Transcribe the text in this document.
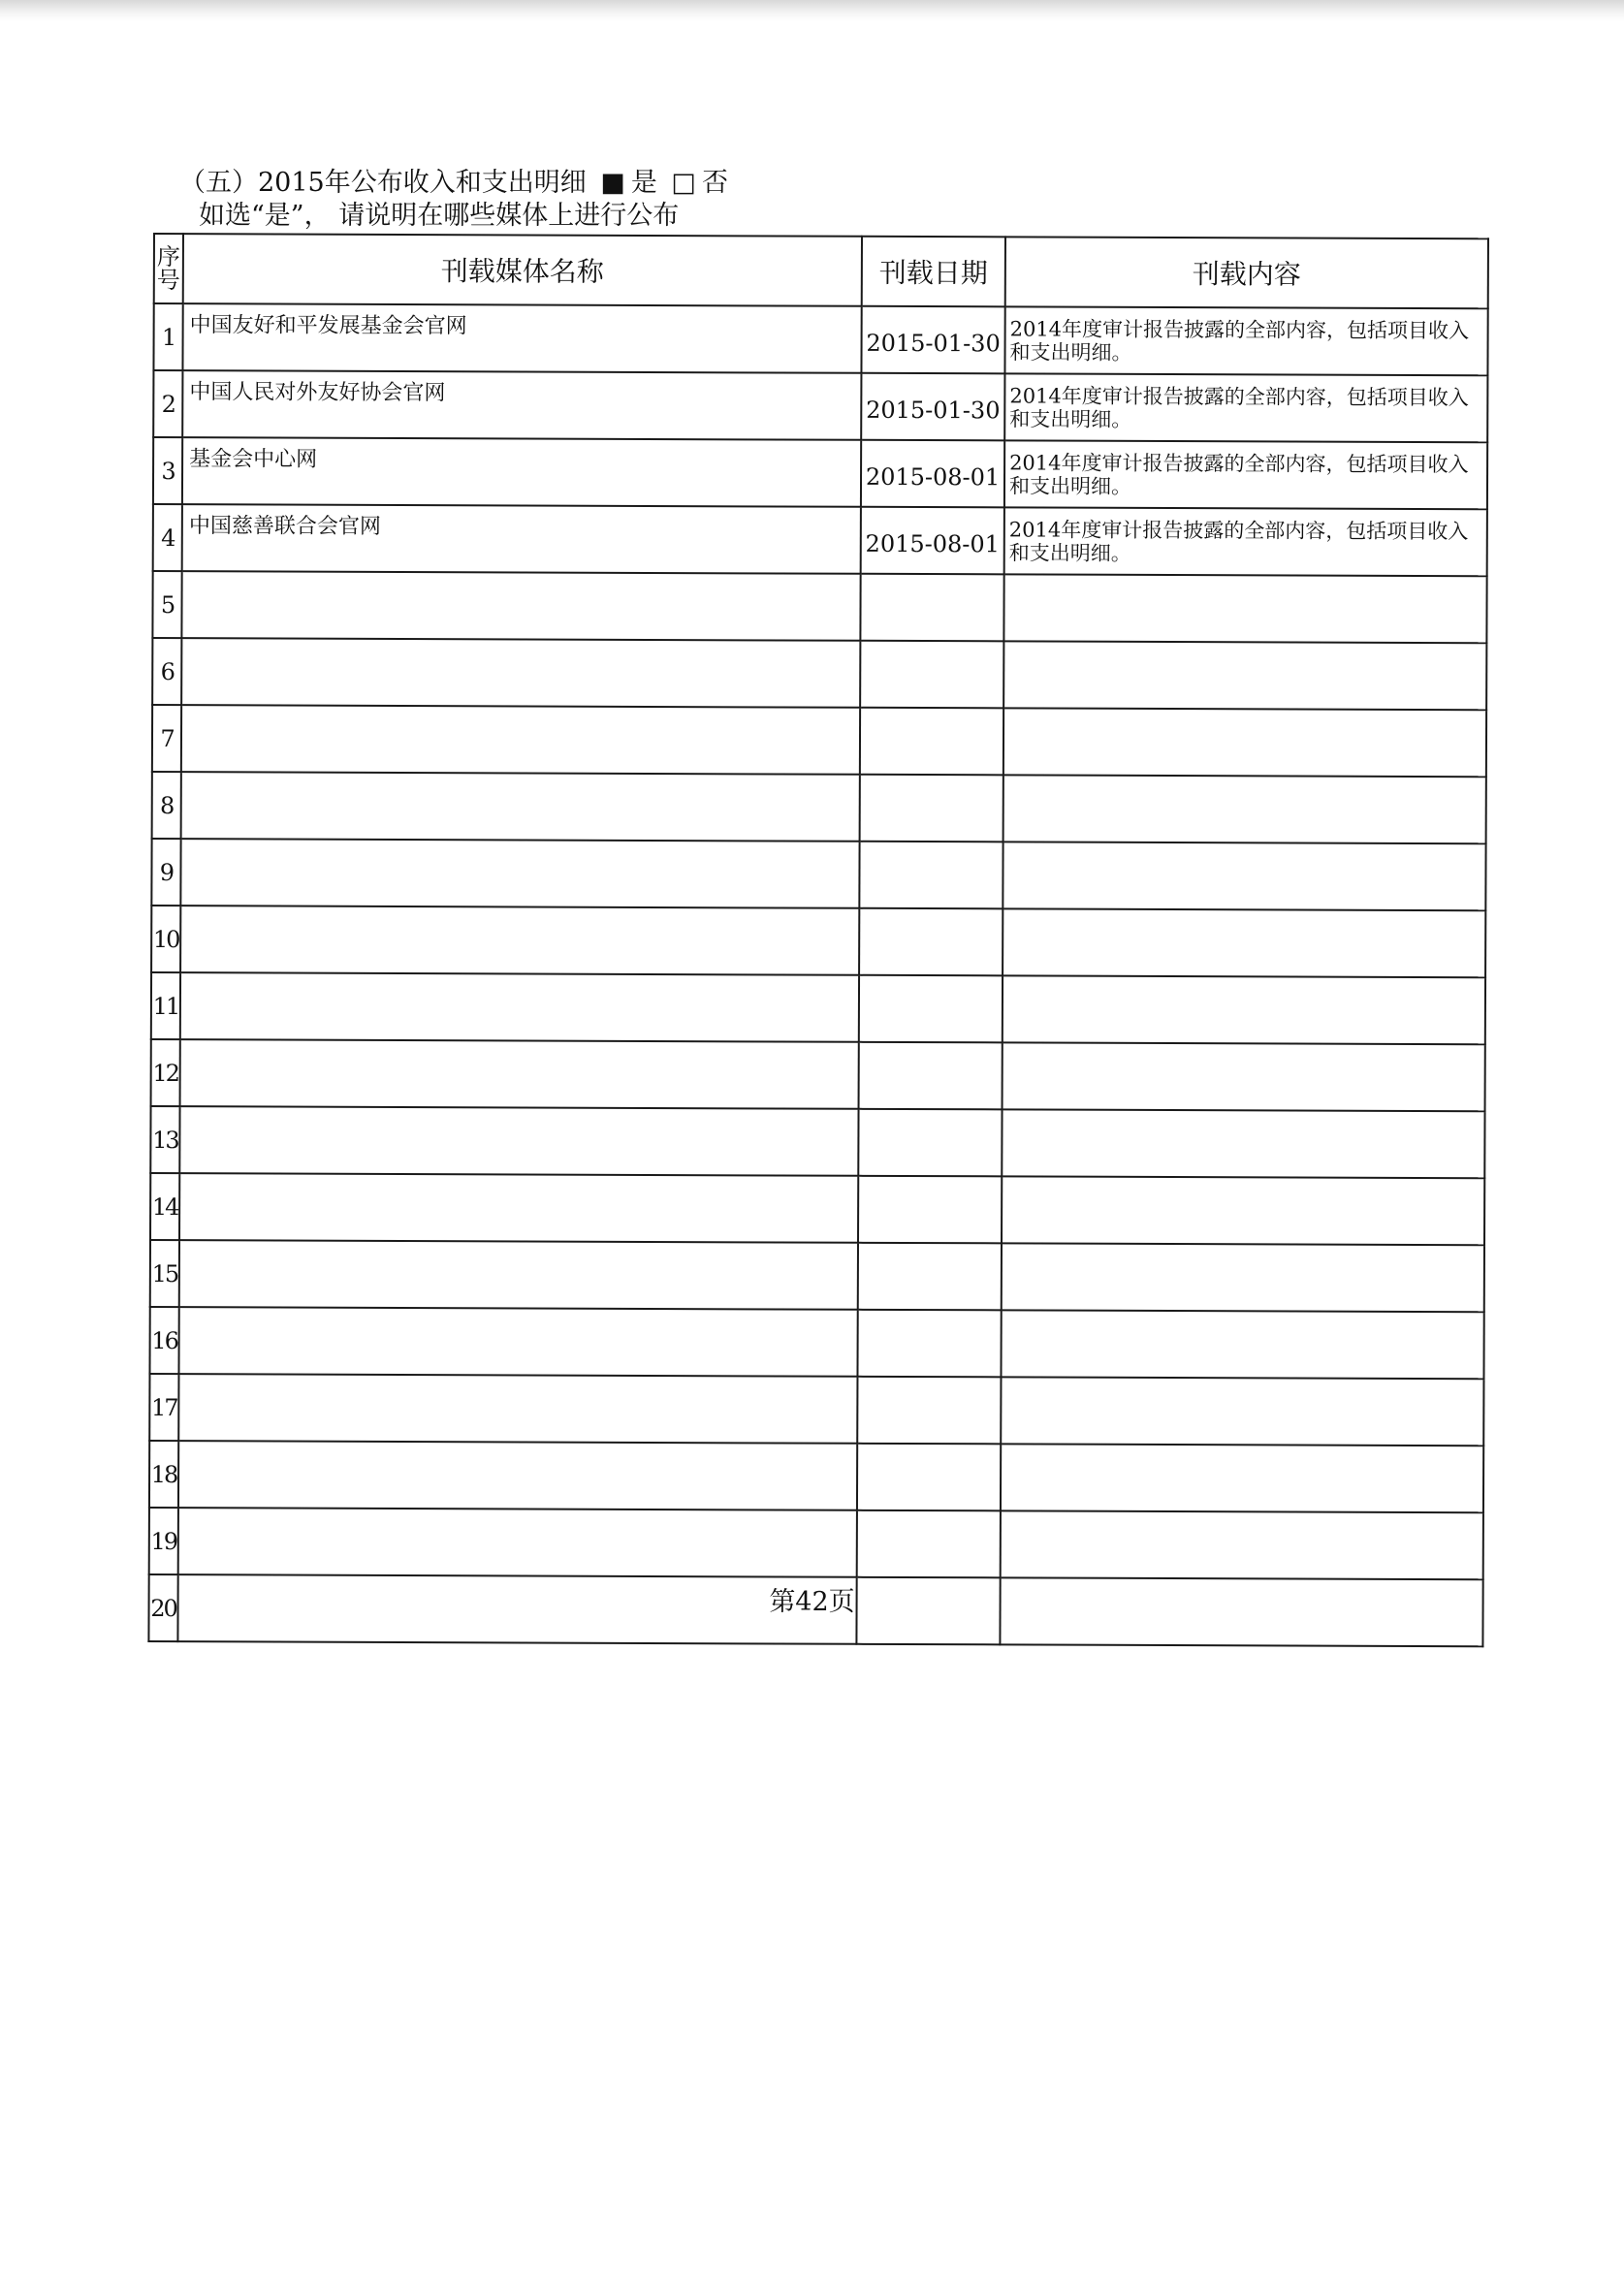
（五）2015年公布收入和支出明细 ■ 是 □ 否
如选“是”， 请说明在哪些媒体上进行公布
序
号	刊载媒体名称	刊载日期	刊载内容
1	中国友好和平发展基金会官网	2015-01-30	2014年度审计报告披露的全部内容，包括项目收入和支出明细。
2	中国人民对外友好协会官网	2015-01-30	2014年度审计报告披露的全部内容，包括项目收入和支出明细。
3	基金会中心网	2015-08-01	2014年度审计报告披露的全部内容，包括项目收入和支出明细。
4	中国慈善联合会官网	2015-08-01	2014年度审计报告披露的全部内容，包括项目收入和支出明细。
5			
6			
7			
8			
9			
10			
11			
12			
13			
14			
15			
16			
17			
18			
19			
20				第42页
